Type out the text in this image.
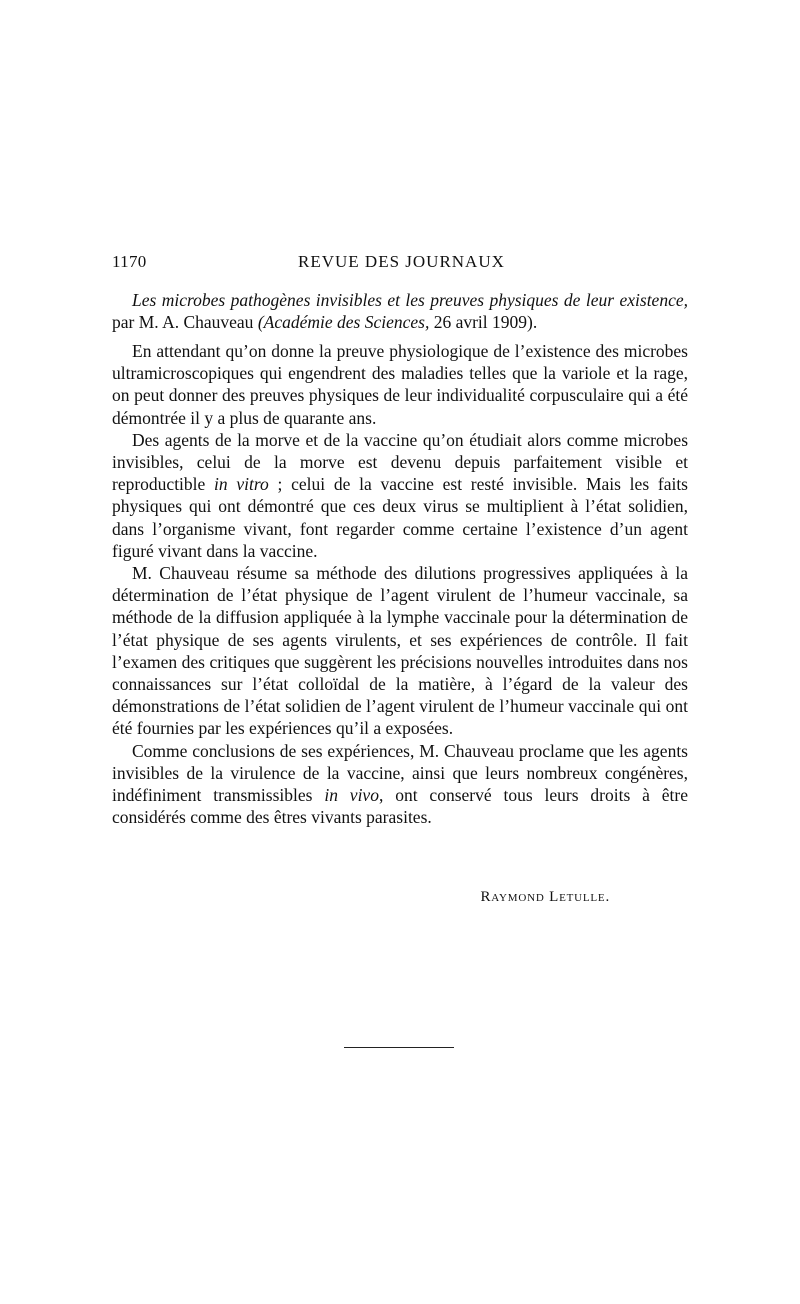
1170	REVUE DES JOURNAUX

Les microbes pathogènes invisibles et les preuves physiques de leur existence, par M. A. Chauveau (Académie des Sciences, 26 avril 1909).

En attendant qu’on donne la preuve physiologique de l’existence des microbes ultramicroscopiques qui engendrent des maladies telles que la variole et la rage, on peut donner des preuves physiques de leur individualité corpusculaire qui a été démontrée il y a plus de quarante ans.

Des agents de la morve et de la vaccine qu’on étudiait alors comme microbes invisibles, celui de la morve est devenu depuis parfaitement visible et reproductible in vitro ; celui de la vaccine est resté invisible. Mais les faits physiques qui ont démontré que ces deux virus se multiplient à l’état solidien, dans l’organisme vivant, font regarder comme certaine l’existence d’un agent figuré vivant dans la vaccine.

M. Chauveau résume sa méthode des dilutions progressives appliquées à la détermination de l’état physique de l’agent virulent de l’humeur vaccinale, sa méthode de la diffusion appliquée à la lymphe vaccinale pour la détermination de l’état physique de ses agents virulents, et ses expériences de contrôle. Il fait l’examen des critiques que suggèrent les précisions nouvelles introduites dans nos connaissances sur l’état colloïdal de la matière, à l’égard de la valeur des démonstrations de l’état solidien de l’agent virulent de l’humeur vaccinale qui ont été fournies par les expériences qu’il a exposées.

Comme conclusions de ses expériences, M. Chauveau proclame que les agents invisibles de la virulence de la vaccine, ainsi que leurs nombreux congénères, indéfiniment transmissibles in vivo, ont conservé tous leurs droits à être considérés comme des êtres vivants parasites.

Raymond Letulle.
